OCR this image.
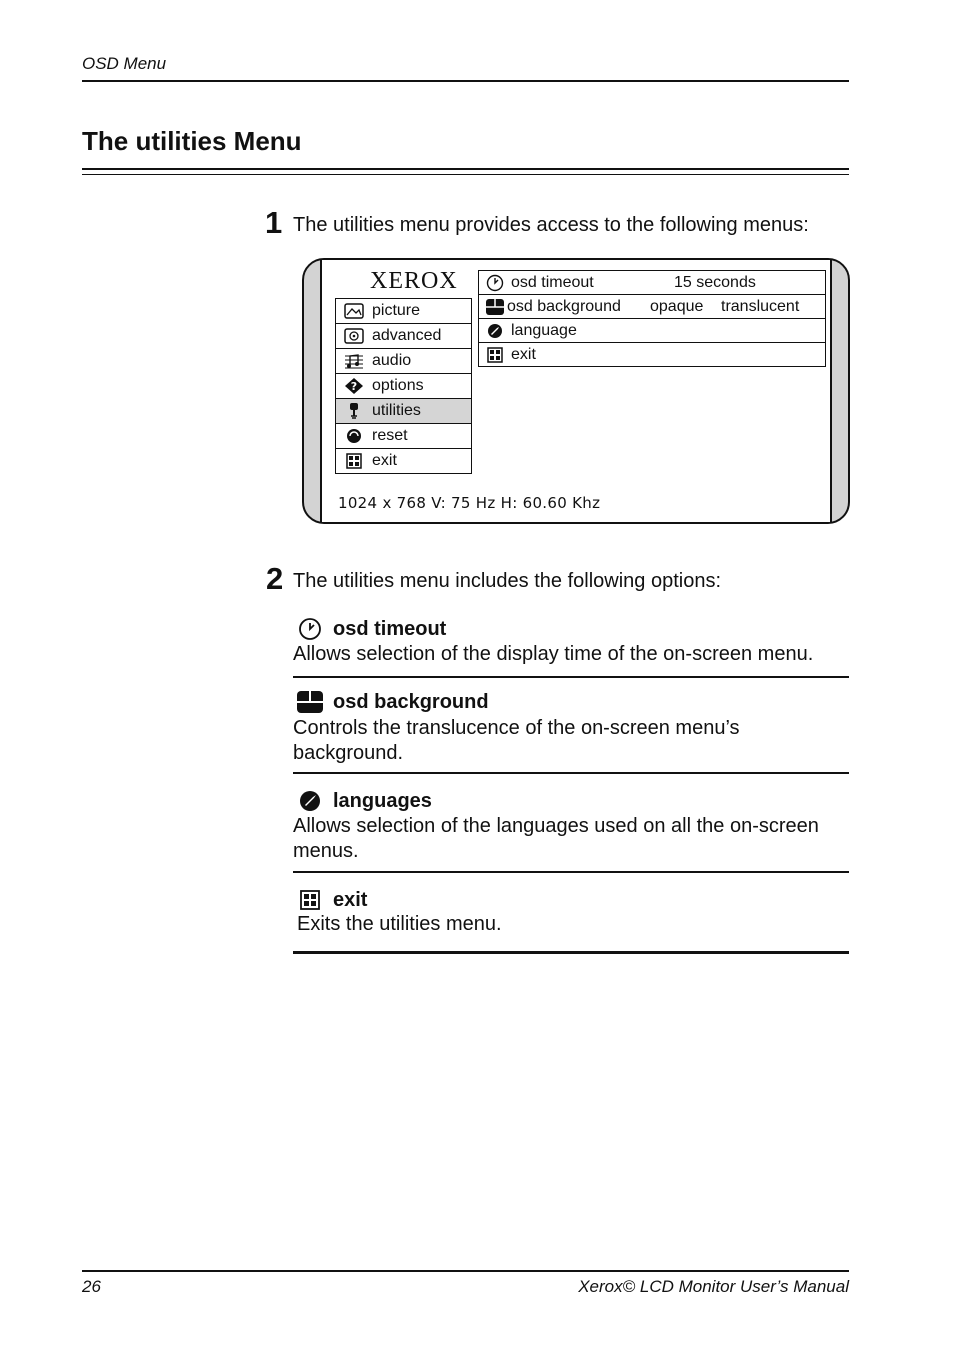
OSD Menu
The utilities Menu
1 The utilities menu provides access to the following menus:
XEROX
picture
advanced
audio
? options
utilities
reset
exit
osd timeout	15 seconds
osd background opaque translucent
language
exit
1024 x 768 V: 75 Hz H: 60.60 Khz
2 The utilities menu includes the following options:
osd timeout
Allows selection of the display time of the on-screen menu.
osd background
Controls the translucence of the on-screen menu’s background.
languages
Allows selection of the languages used on all the on-screen menus.
exit
Exits the utilities menu.
26	Xerox© LCD Monitor User’s Manual
